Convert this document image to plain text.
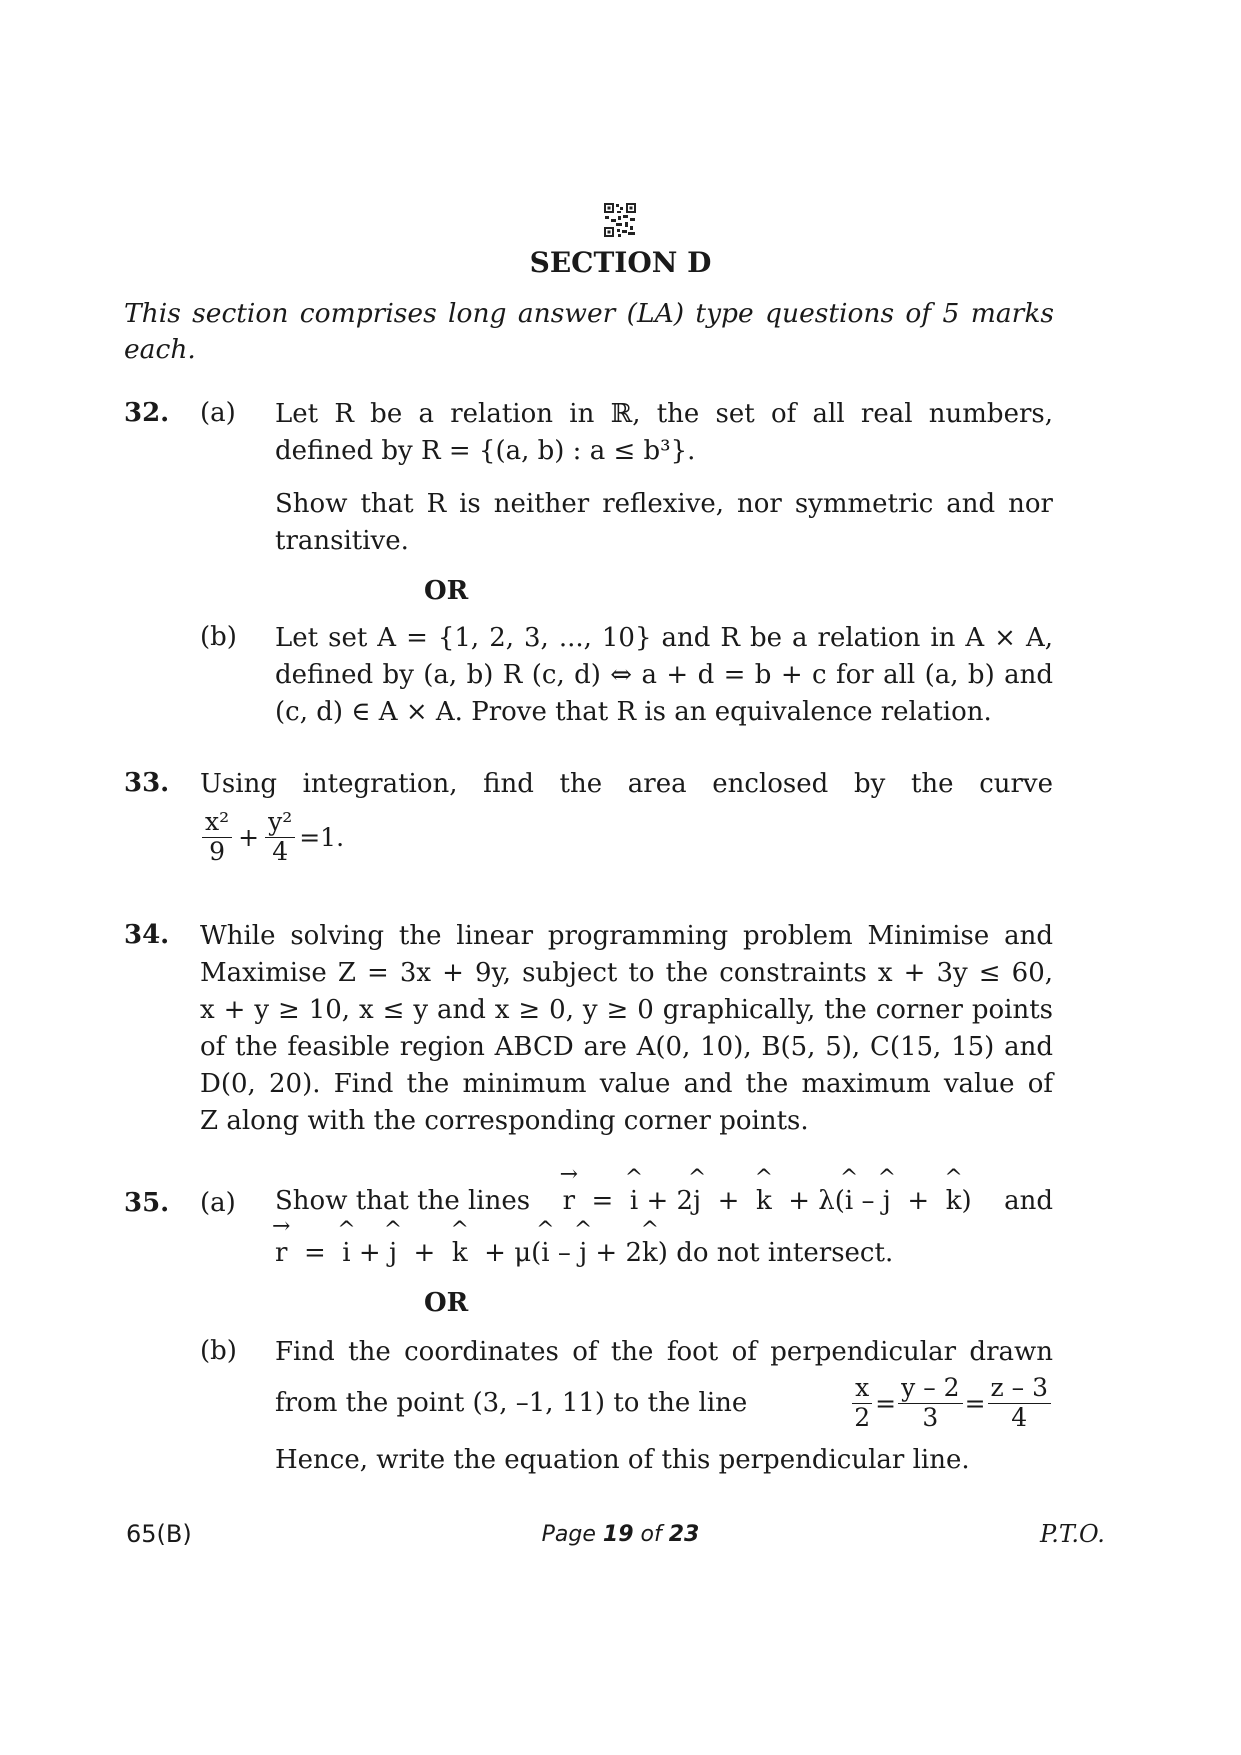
SECTION D
This section comprises long answer (LA) type questions of 5 marks each.
32. (a) Let R be a relation in ℝ, the set of all real numbers,
defined by R = {(a, b) : a ≤ b³}.
Show that R is neither reflexive, nor symmetric and nor
transitive.
OR
(b) Let set A = {1, 2, 3, ..., 10} and R be a relation in A × A,
defined by (a, b) R (c, d) ⇔ a + d = b + c for all (a, b) and
(c, d) ∈ A × A. Prove that R is an equivalence relation.
33. Using integration, find the area enclosed by the curve
$\frac{\text{x²}}{9} + \frac{\text{y²}}{4} =1$.
34. While solving the linear programming problem Minimise and
Maximise Z = 3x + 9y, subject to the constraints x + 3y ≤ 60,
x + y ≥ 10, x ≤ y and x ≥ 0, y ≥ 0 graphically, the corner points
of the feasible region ABCD are A(0, 10), B(5, 5), C(15, 15) and
D(0, 20). Find the minimum value and the maximum value of
Z along with the corresponding corner points.
35. (a) Show that the lines
→ r  =  ^ i + 2^ j  +  ^ k  + λ(^ i – ^ j  +  ^ k) and
→ r  =  ^ i + ^ j  +  ^ k  + μ(^ i – ^ j + 2^ k) do not intersect.
OR
(b) Find the coordinates of the foot of perpendicular drawn
from the point (3, –1, 11) to the line	$\frac{x}{2} = \frac{y - 2}{3} = \frac{z - 3}{4}$
Hence, write the equation of this perpendicular line.
65(B)	Page 19 of 23	P.T.O.
